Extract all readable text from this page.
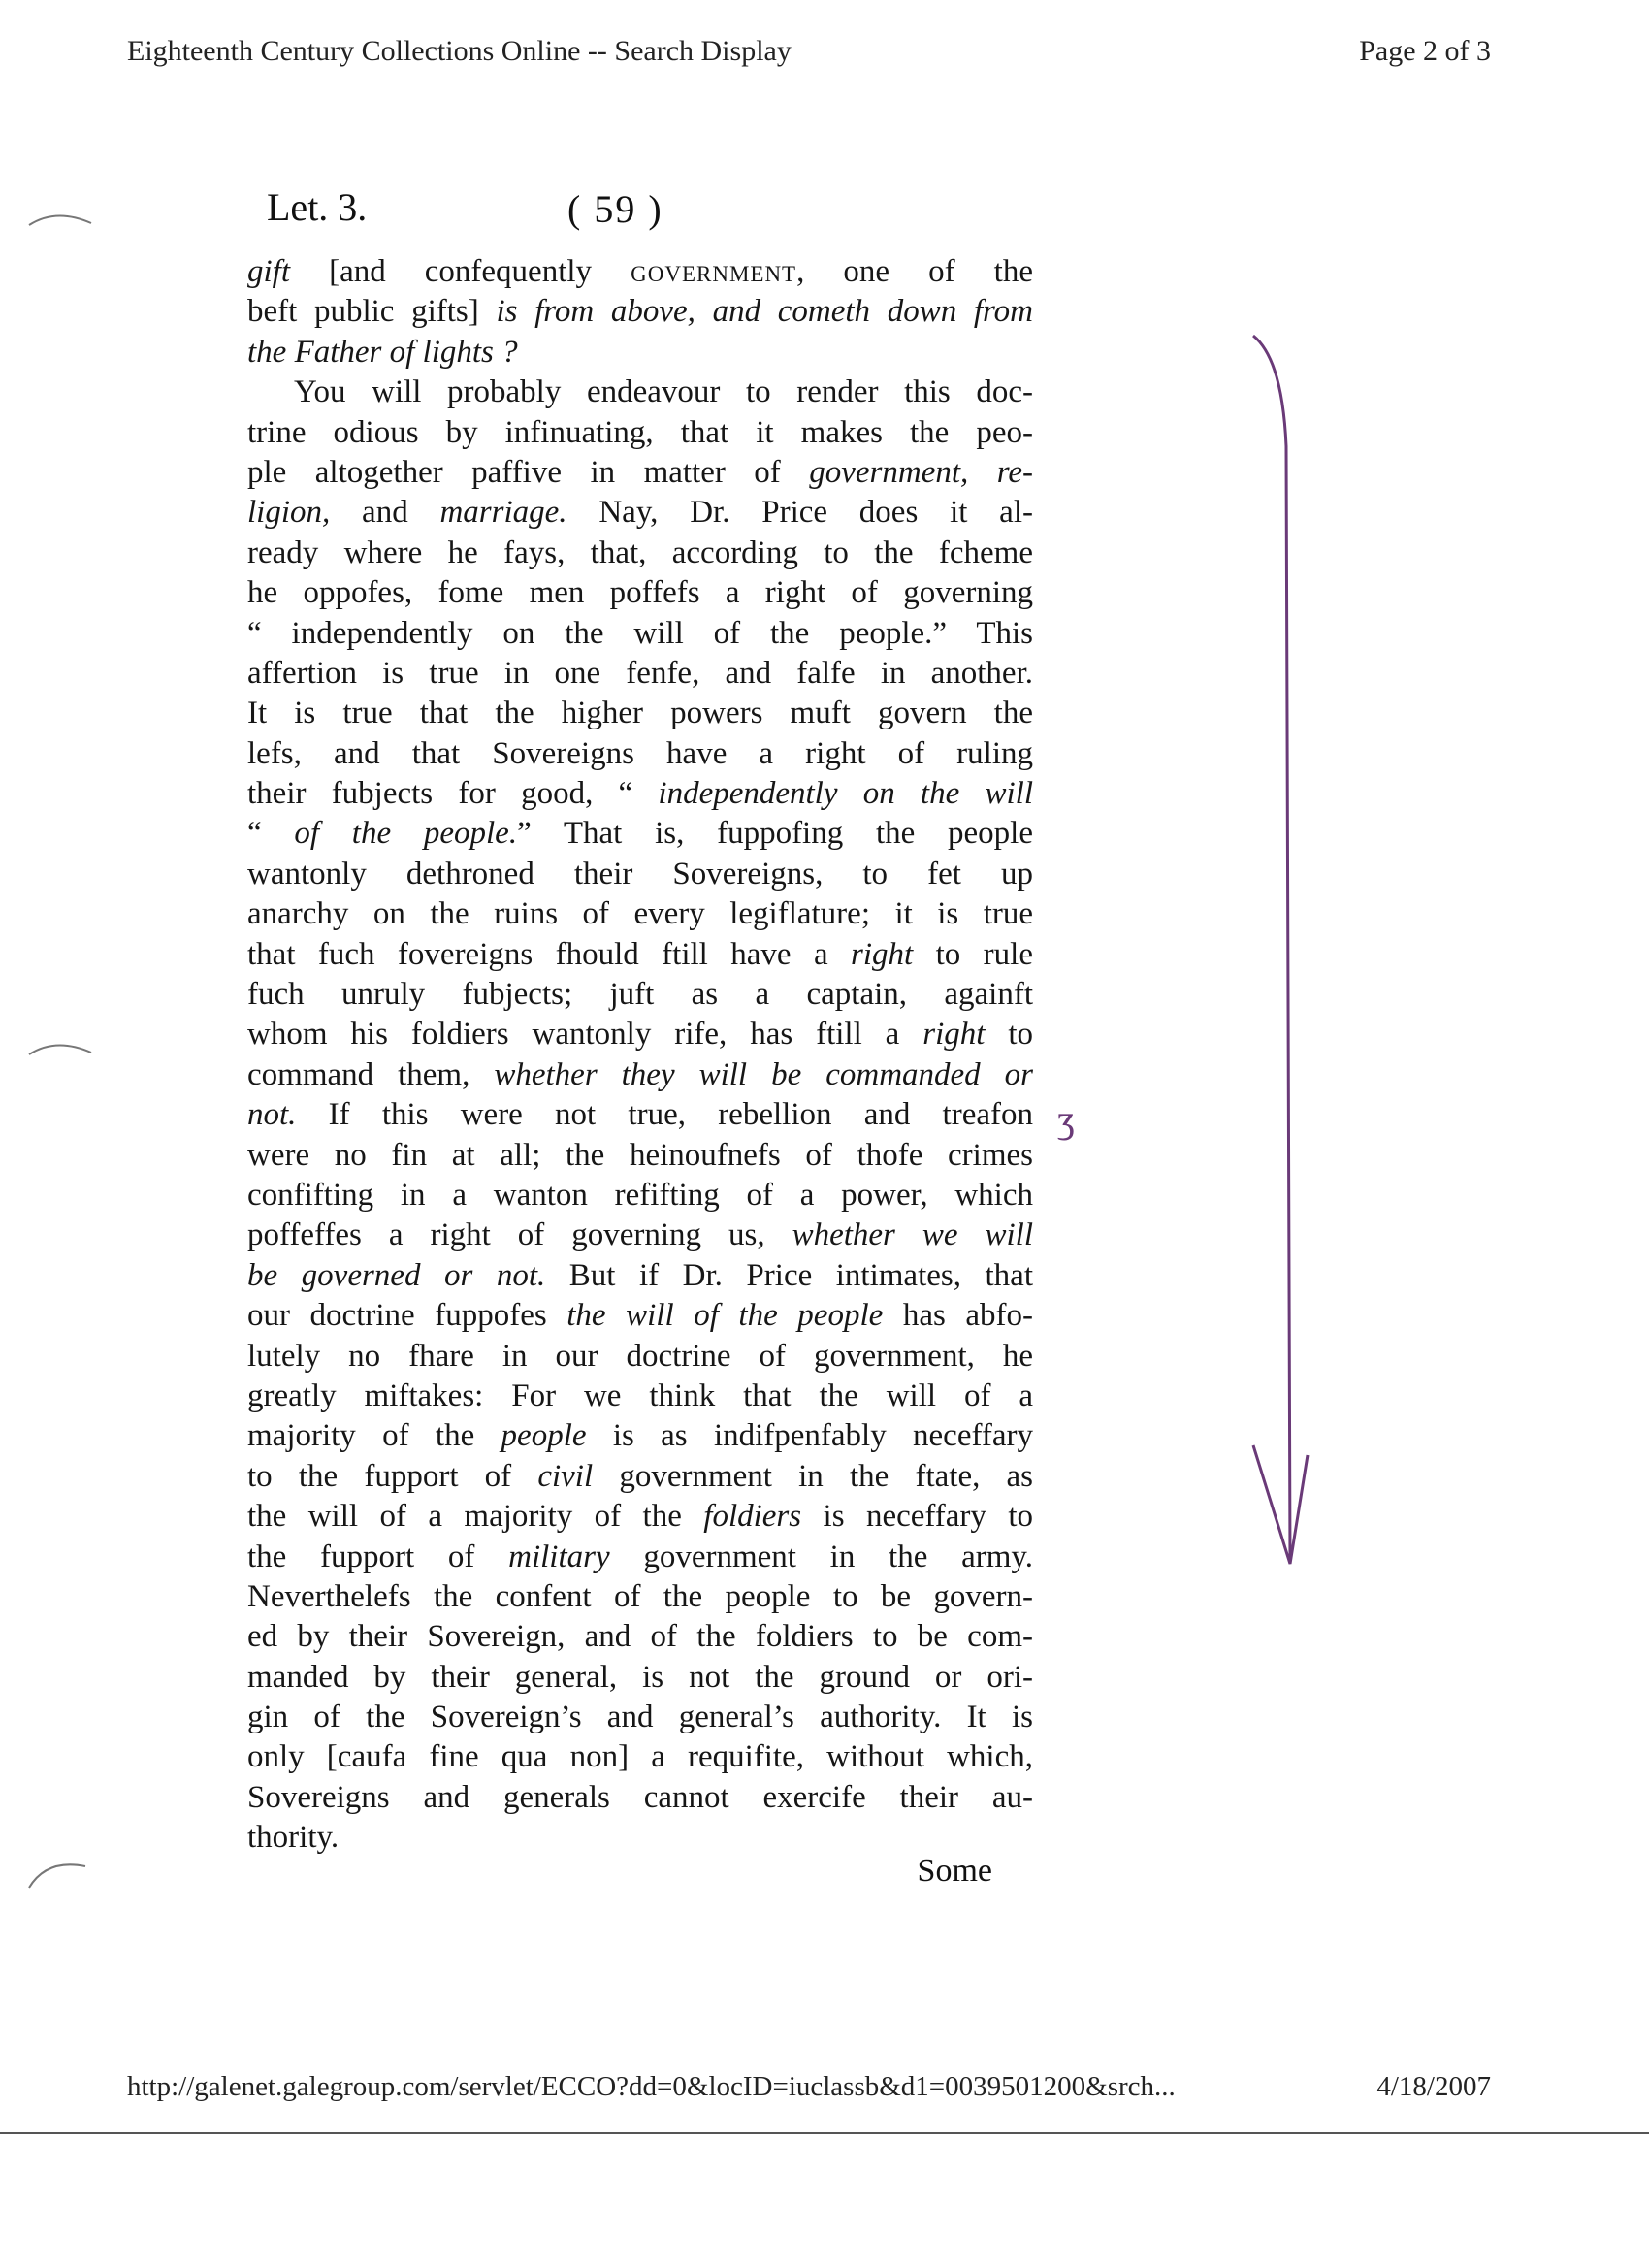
Eighteenth Century Collections Online -- Search Display	Page 2 of 3
Let. 3.	( 59 )
gift [and confequently government, one of the
beft public gifts] is from above, and cometh down from
the Father of lights ?
You will probably endeavour to render this doc-
trine odious by infinuating, that it makes the peo-
ple altogether paffive in matter of government, re-
ligion, and marriage. Nay, Dr. Price does it al-
ready where he fays, that, according to the fcheme
he oppofes, fome men poffefs a right of governing
“ independently on the will of the people.” This
affertion is true in one fenfe, and falfe in another.
It is true that the higher powers muft govern the
lefs, and that Sovereigns have a right of ruling
their fubjects for good, “ independently on the will
“ of the people.” That is, fuppofing the people
wantonly dethroned their Sovereigns, to fet up
anarchy on the ruins of every legiflature; it is true
that fuch fovereigns fhould ftill have a right to rule
fuch unruly fubjects; juft as a captain, againft
whom his foldiers wantonly rife, has ftill a right to
command them, whether they will be commanded or
not. If this were not true, rebellion and treafon
were no fin at all; the heinoufnefs of thofe crimes
confifting in a wanton refifting of a power, which
poffeffes a right of governing us, whether we will
be governed or not. But if Dr. Price intimates, that
our doctrine fuppofes the will of the people has abfo-
lutely no fhare in our doctrine of government, he
greatly miftakes: For we think that the will of a
majority of the people is as indifpenfably neceffary
to the fupport of civil government in the ftate, as
the will of a majority of the foldiers is neceffary to
the fupport of military government in the army.
Neverthelefs the confent of the people to be govern-
ed by their Sovereign, and of the foldiers to be com-
manded by their general, is not the ground or ori-
gin of the Sovereign’s and general’s authority. It is
only [caufa fine qua non] a requifite, without which,
Sovereigns and generals cannot exercife their au-
thority.
Some
ʒ
http://galenet.galegroup.com/servlet/ECCO?dd=0&locID=iuclassb&d1=0039501200&srch...	4/18/2007
